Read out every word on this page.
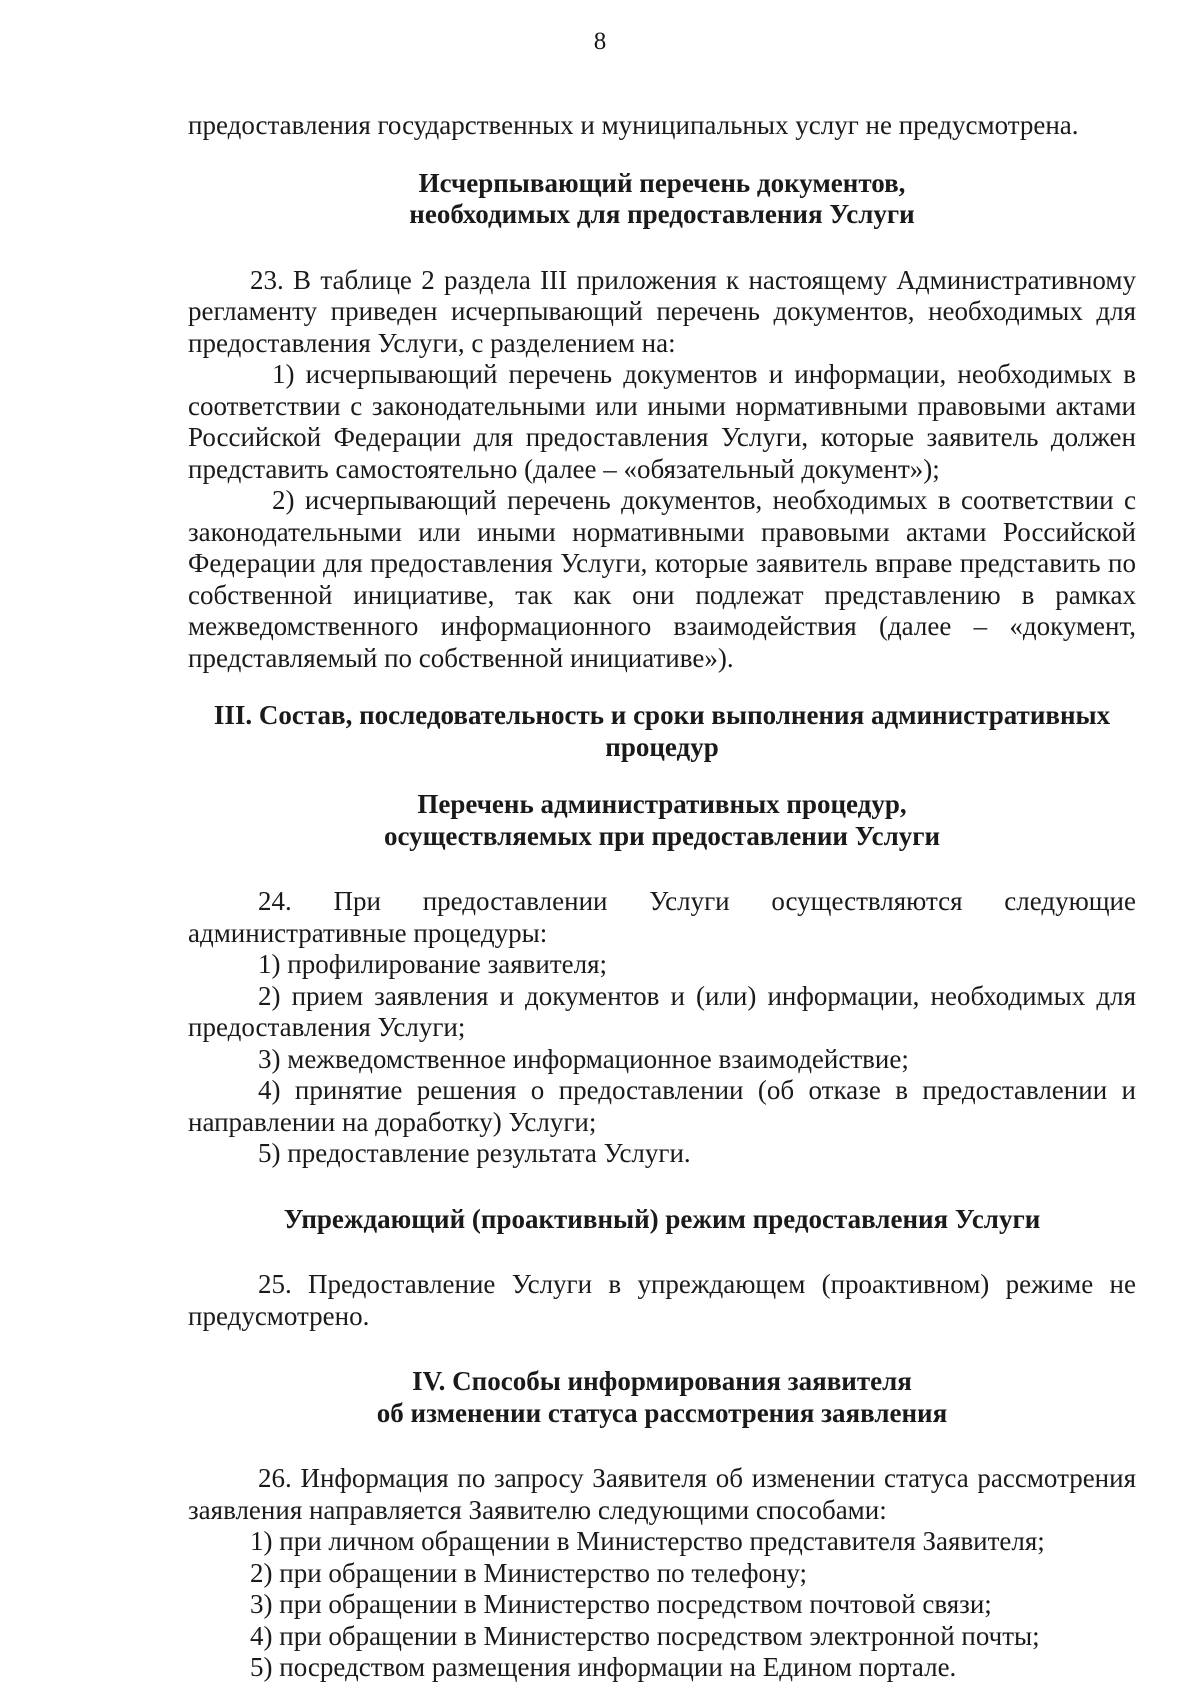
8

предоставления государственных и муниципальных услуг не предусмотрена.

Исчерпывающий перечень документов,

необходимых для предоставления Услуги

23. В таблице 2 раздела III приложения к настоящему Административному регламенту приведен исчерпывающий перечень документов, необходимых для предоставления Услуги, с разделением на:

1) исчерпывающий перечень документов и информации, необходимых в соответствии с законодательными или иными нормативными правовыми актами Российской Федерации для предоставления Услуги, которые заявитель должен представить самостоятельно (далее – «обязательный документ»);

2) исчерпывающий перечень документов, необходимых в соответствии с законодательными или иными нормативными правовыми актами Российской Федерации для предоставления Услуги, которые заявитель вправе представить по собственной инициативе, так как они подлежат представлению в рамках межведомственного информационного взаимодействия (далее – «документ, представляемый по собственной инициативе»).

III. Состав, последовательность и сроки выполнения административных

процедур

Перечень административных процедур,

осуществляемых при предоставлении Услуги

24. При предоставлении Услуги осуществляются следующие административные процедуры:

1) профилирование заявителя;

2) прием заявления и документов и (или) информации, необходимых для предоставления Услуги;

3) межведомственное информационное взаимодействие;

4) принятие решения о предоставлении (об отказе в предоставлении и направлении на доработку) Услуги;

5) предоставление результата Услуги.

Упреждающий (проактивный) режим предоставления Услуги

25. Предоставление Услуги в упреждающем (проактивном) режиме не предусмотрено.

IV. Способы информирования заявителя

об изменении статуса рассмотрения заявления

26. Информация по запросу Заявителя об изменении статуса рассмотрения заявления направляется Заявителю следующими способами:

1) при личном обращении в Министерство представителя Заявителя;

2) при обращении в Министерство по телефону;

3) при обращении в Министерство посредством почтовой связи;

4) при обращении в Министерство посредством электронной почты;

5) посредством размещения информации на Едином портале.
